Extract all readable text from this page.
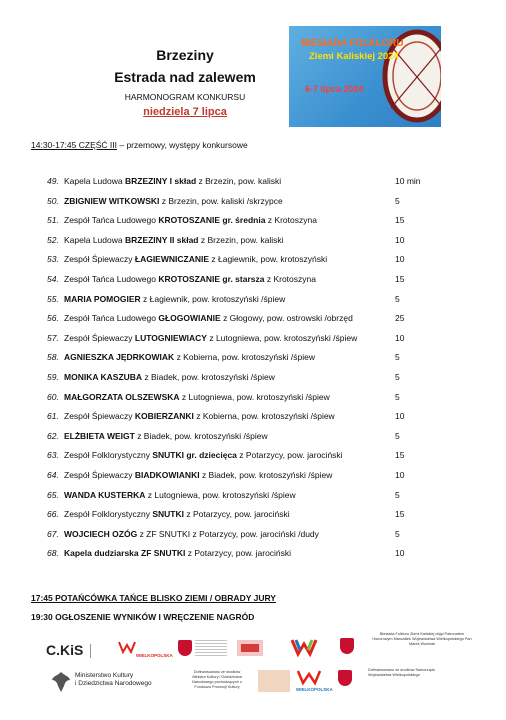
Brzeziny
Estrada nad zalewem
HARMONOGRAM KONKURSU
niedziela 7 lipca
BIESIADA FOLKLORU
Ziemi Kaliskiej 2024
6-7 lipca 2024
14:30-17:45 CZĘŚĆ III – przemowy, występy konkursowe
49. Kapela Ludowa BRZEZINY I skład z Brzezin, pow. kaliski	10 min
50. ZBIGNIEW WITKOWSKI z Brzezin, pow. kaliski /skrzypce	5
51. Zespół Tańca Ludowego KROTOSZANIE gr. średnia z Krotoszyna	15
52. Kapela Ludowa BRZEZINY II skład z Brzezin, pow. kaliski	10
53. Zespół Śpiewaczy ŁAGIEWNICZANIE z Łagiewnik, pow. krotoszyński	10
54. Zespół Tańca Ludowego KROTOSZANIE gr. starsza z Krotoszyna	15
55. MARIA POMOGIER z Łagiewnik, pow. krotoszyński /śpiew	5
56. Zespół Tańca Ludowego GŁOGOWIANIE z Głogowy, pow. ostrowski /obrzęd	25
57. Zespół Śpiewaczy LUTOGNIEWIACY z Lutogniewa, pow. krotoszyński /śpiew	10
58. AGNIESZKA JĘDRKOWIAK z Kobierna, pow. krotoszyński /śpiew	5
59. MONIKA KASZUBA z Biadek, pow. krotoszyński /śpiew	5
60. MAŁGORZATA OLSZEWSKA z Lutogniewa, pow. krotoszyński /śpiew	5
61. Zespół Śpiewaczy KOBIERZANKI z Kobierna, pow. krotoszyński /śpiew	10
62. ELŻBIETA WEIGT z Biadek, pow. krotoszyński /śpiew	5
63. Zespół Folklorystyczny SNUTKI gr. dziecięca z Potarzycy, pow. jarociński	15
64. Zespół Śpiewaczy BIADKOWIANKI z Biadek, pow. krotoszyński /śpiew	10
65. WANDA KUSTERKA z Lutogniewa, pow. krotoszyński /śpiew	5
66. Zespół Folklorystyczny SNUTKI z Potarzycy, pow. jarociński	15
67. WOJCIECH OZÓG z ZF SNUTKI z Potarzycy, pow. jarociński /dudy	5
68. Kapela dudziarska ZF SNUTKI z Potarzycy, pow. jarociński	10
17:45 POTAŃCÓWKA TAŃCE BLISKO ZIEMI / OBRADY JURY
19:30 OGŁOSZENIE WYNIKÓW I WRĘCZENIE NAGRÓD
C.KiS	WIELKOPOLSKA
Biesiada Folkloru Ziemi Kaliskiej objęł Patronatem Honorowym Marszałek Województwa Wielkopolskiego Pan Marek Woźniak
Ministerstwo Kultury
i Dziedzictwa Narodowego
Dofinansowano ze środków Ministra Kultury i Dziedzictwa Narodowego pochodzących z Funduszu Promocji Kultury	WIELKOPOLSKA
Dofinansowano ze środków Samorządu Województwa Wielkopolskiego
